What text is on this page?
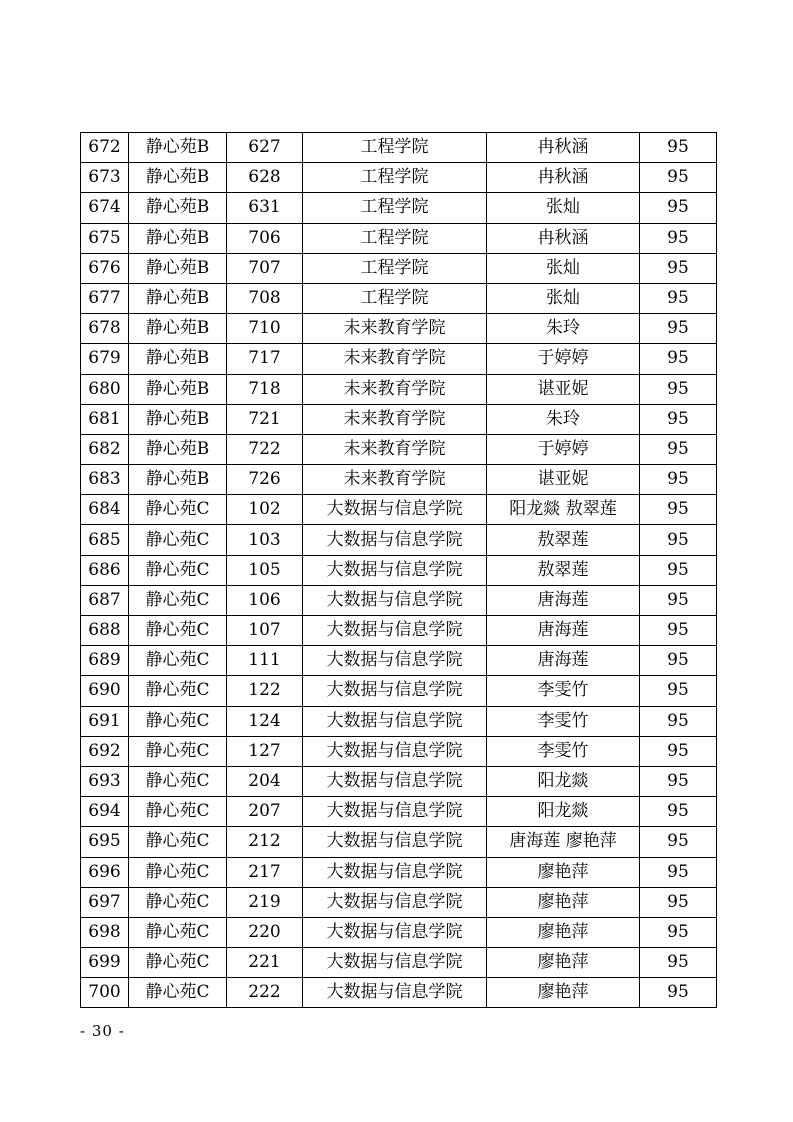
672	静心苑B	627	工程学院	冉秋涵	95
673	静心苑B	628	工程学院	冉秋涵	95
674	静心苑B	631	工程学院	张灿	95
675	静心苑B	706	工程学院	冉秋涵	95
676	静心苑B	707	工程学院	张灿	95
677	静心苑B	708	工程学院	张灿	95
678	静心苑B	710	未来教育学院	朱玲	95
679	静心苑B	717	未来教育学院	于婷婷	95
680	静心苑B	718	未来教育学院	谌亚妮	95
681	静心苑B	721	未来教育学院	朱玲	95
682	静心苑B	722	未来教育学院	于婷婷	95
683	静心苑B	726	未来教育学院	谌亚妮	95
684	静心苑C	102	大数据与信息学院	阳龙燚 敖翠莲	95
685	静心苑C	103	大数据与信息学院	敖翠莲	95
686	静心苑C	105	大数据与信息学院	敖翠莲	95
687	静心苑C	106	大数据与信息学院	唐海莲	95
688	静心苑C	107	大数据与信息学院	唐海莲	95
689	静心苑C	111	大数据与信息学院	唐海莲	95
690	静心苑C	122	大数据与信息学院	李雯竹	95
691	静心苑C	124	大数据与信息学院	李雯竹	95
692	静心苑C	127	大数据与信息学院	李雯竹	95
693	静心苑C	204	大数据与信息学院	阳龙燚	95
694	静心苑C	207	大数据与信息学院	阳龙燚	95
695	静心苑C	212	大数据与信息学院	唐海莲 廖艳萍	95
696	静心苑C	217	大数据与信息学院	廖艳萍	95
697	静心苑C	219	大数据与信息学院	廖艳萍	95
698	静心苑C	220	大数据与信息学院	廖艳萍	95
699	静心苑C	221	大数据与信息学院	廖艳萍	95
700	静心苑C	222	大数据与信息学院	廖艳萍	95
- 30 -
